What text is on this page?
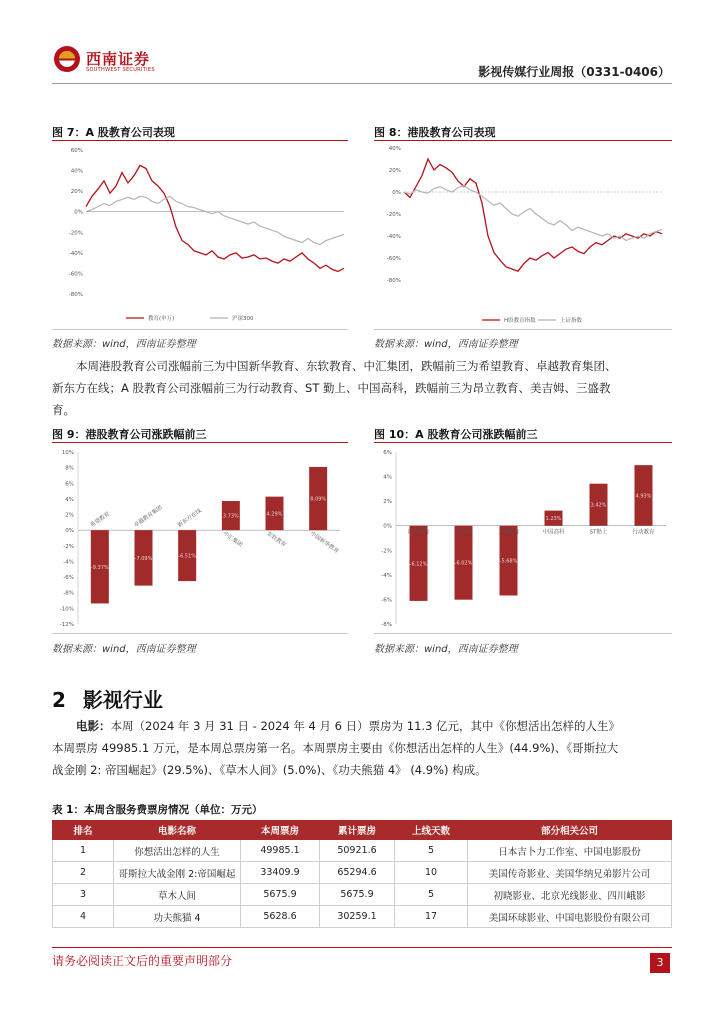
西南证券
SOUTHWEST SECURITIES	影视传媒行业周报（0331-0406）
图 7：A 股教育公司表现
60%
40%
20%
0%
-20%
-40%
-60%
-80%
教育(申万)	沪深300
数据来源：wind，西南证券整理
图 8：港股教育公司表现
40%
20%
0%
-20%
-40%
-60%
-80%
H股教育指数	上证指数
数据来源：wind，西南证券整理
本周港股教育公司涨幅前三为中国新华教育、东软教育、中汇集团，跌幅前三为希望教育、卓越教育集团、新东方在线；A 股教育公司涨幅前三为行动教育、ST 勤上、中国高科，跌幅前三为昂立教育、美吉姆、三盛教育。
图 9：港股教育公司涨跌幅前三
10%
8%
6%
4%
2%
0%
-2%
-4%
-6%
-8%
-10%
-12%
-9.37%
希望教育
-7.09%
卓越教育集团
-6.51%
新东方在线	3.73%
中汇集团
4.29%
东软教育
8.09%
中国新华教育
数据来源：wind，西南证券整理
图 10：A 股教育公司涨跌幅前三
6%
4%
2%
0%
-2%
-4%
-6%
-8%
-6.12%
昂立教育
-6.02%
美吉姆
-5.68%
三盛教育
1.23%
中国高科
3.42%
ST勤上
4.93%
行动教育
数据来源：wind，西南证券整理
2 影视行业
电影：本周（2024 年 3 月 31 日 - 2024 年 4 月 6 日）票房为 11.3 亿元，其中《你想活出怎样的人生》本周票房 49985.1 万元，是本周总票房第一名。本周票房主要由《你想活出怎样的人生》(44.9%)、《哥斯拉大战金刚 2: 帝国崛起》(29.5%)、《草木人间》(5.0%)、《功夫熊猫 4》 (4.9%) 构成。
表 1：本周含服务费票房情况（单位：万元）
排名	电影名称	本周票房	累计票房	上线天数	部分相关公司
1	你想活出怎样的人生	49985.1	50921.6	5	日本吉卜力工作室、中国电影股份
2	哥斯拉大战金刚 2:帝国崛起	33409.9	65294.6	10	美国传奇影业、美国华纳兄弟影片公司
3	草木人间	5675.9	5675.9	5	初晓影业、北京光线影业、四川峨影
4	功夫熊猫 4	5628.6	30259.1	17	美国环球影业、中国电影股份有限公司
请务必阅读正文后的重要声明部分	3
